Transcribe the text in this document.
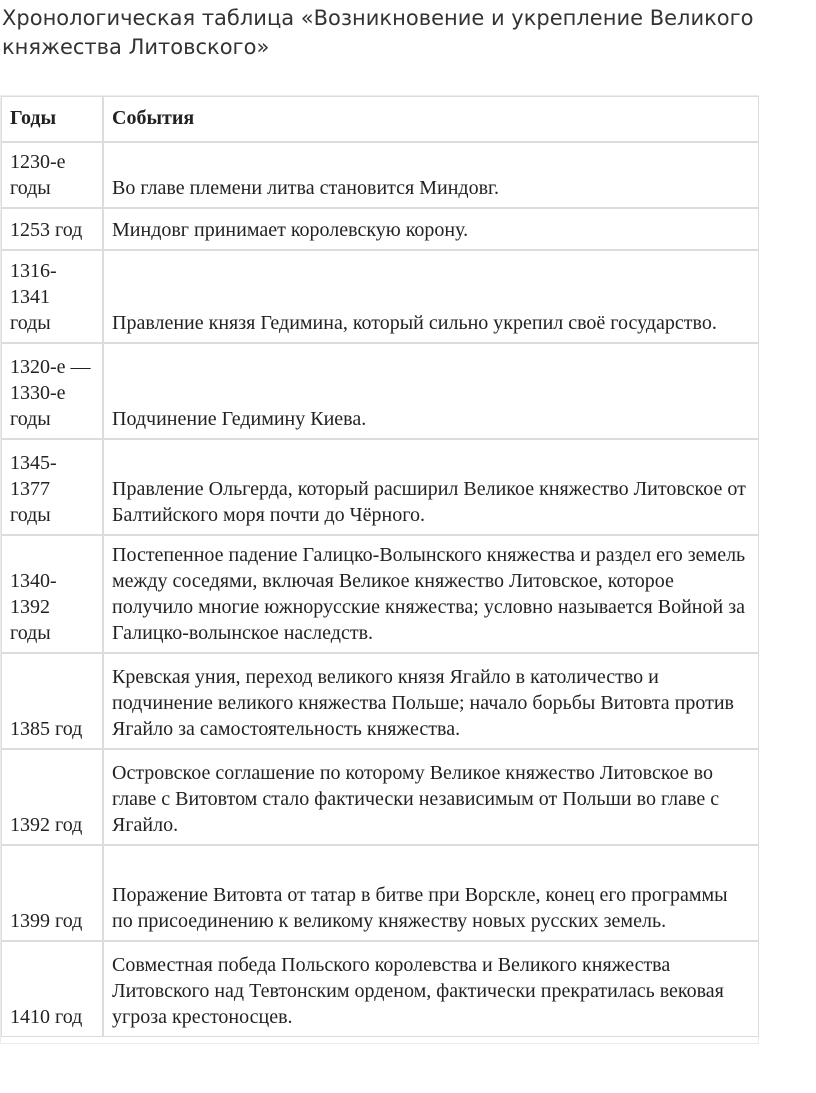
Хронологическая таблица «Возникновение и укрепление Великого княжества Литовского»
Годы	События
1230-е годы	Во главе племени литва становится Миндовг.
1253 год	Миндовг принимает королевскую корону.
1316-1341 годы	Правление князя Гедимина, который сильно укрепил своё государство.
1320-е — 1330-е годы	Подчинение Гедимину Киева.
1345-1377 годы	Правление Ольгерда, который расширил Великое княжество Литовское от Балтийского моря почти до Чёрного.
1340-1392 годы	Постепенное падение Галицко-Волынского княжества и раздел его земель между соседями, включая Великое княжество Литовское, которое получило многие южнорусские княжества; условно называется Войной за Галицко-волынское наследств.
1385 год	Кревская уния, переход великого князя Ягайло в католичество и подчинение великого княжества Польше; начало борьбы Витовта против Ягайло за самостоятельность княжества.
1392 год	Островское соглашение по которому Великое княжество Литовское во главе с Витовтом стало фактически независимым от Польши во главе с Ягайло.
1399 год	Поражение Витовта от татар в битве при Ворскле, конец его программы по присоединению к великому княжеству новых русских земель.
1410 год	Совместная победа Польского королевства и Великого княжества Литовского над Тевтонским орденом, фактически прекратилась вековая угроза крестоносцев.
